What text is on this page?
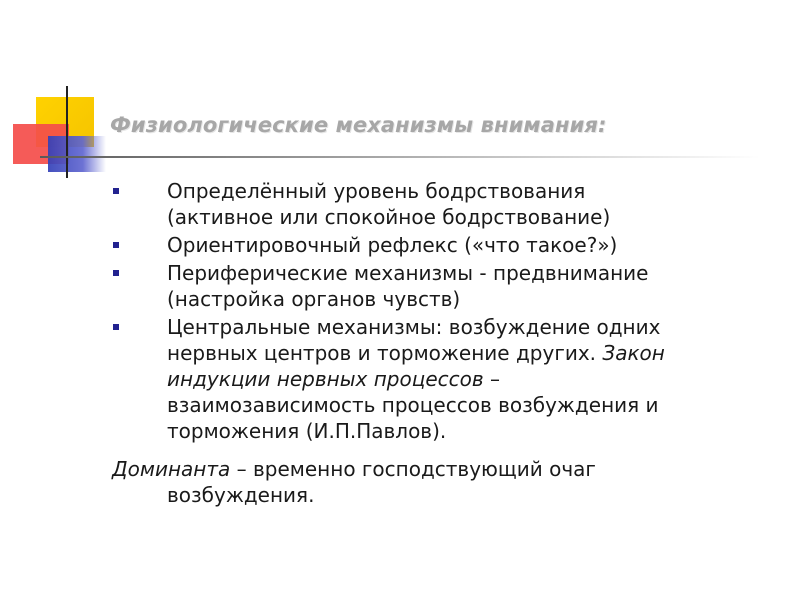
Физиологические механизмы внимания:
Определённый уровень бодрствования
(активное или спокойное бодрствование)
Ориентировочный рефлекс («что такое?»)
Периферические механизмы - предвнимание
(настройка органов чувств)
Центральные механизмы: возбуждение одних
нервных центров и торможение других. Закон
индукции нервных процессов –
взаимозависимость процессов возбуждения и
торможения (И.П.Павлов).

Доминанта – временно господствующий очаг
возбуждения.
